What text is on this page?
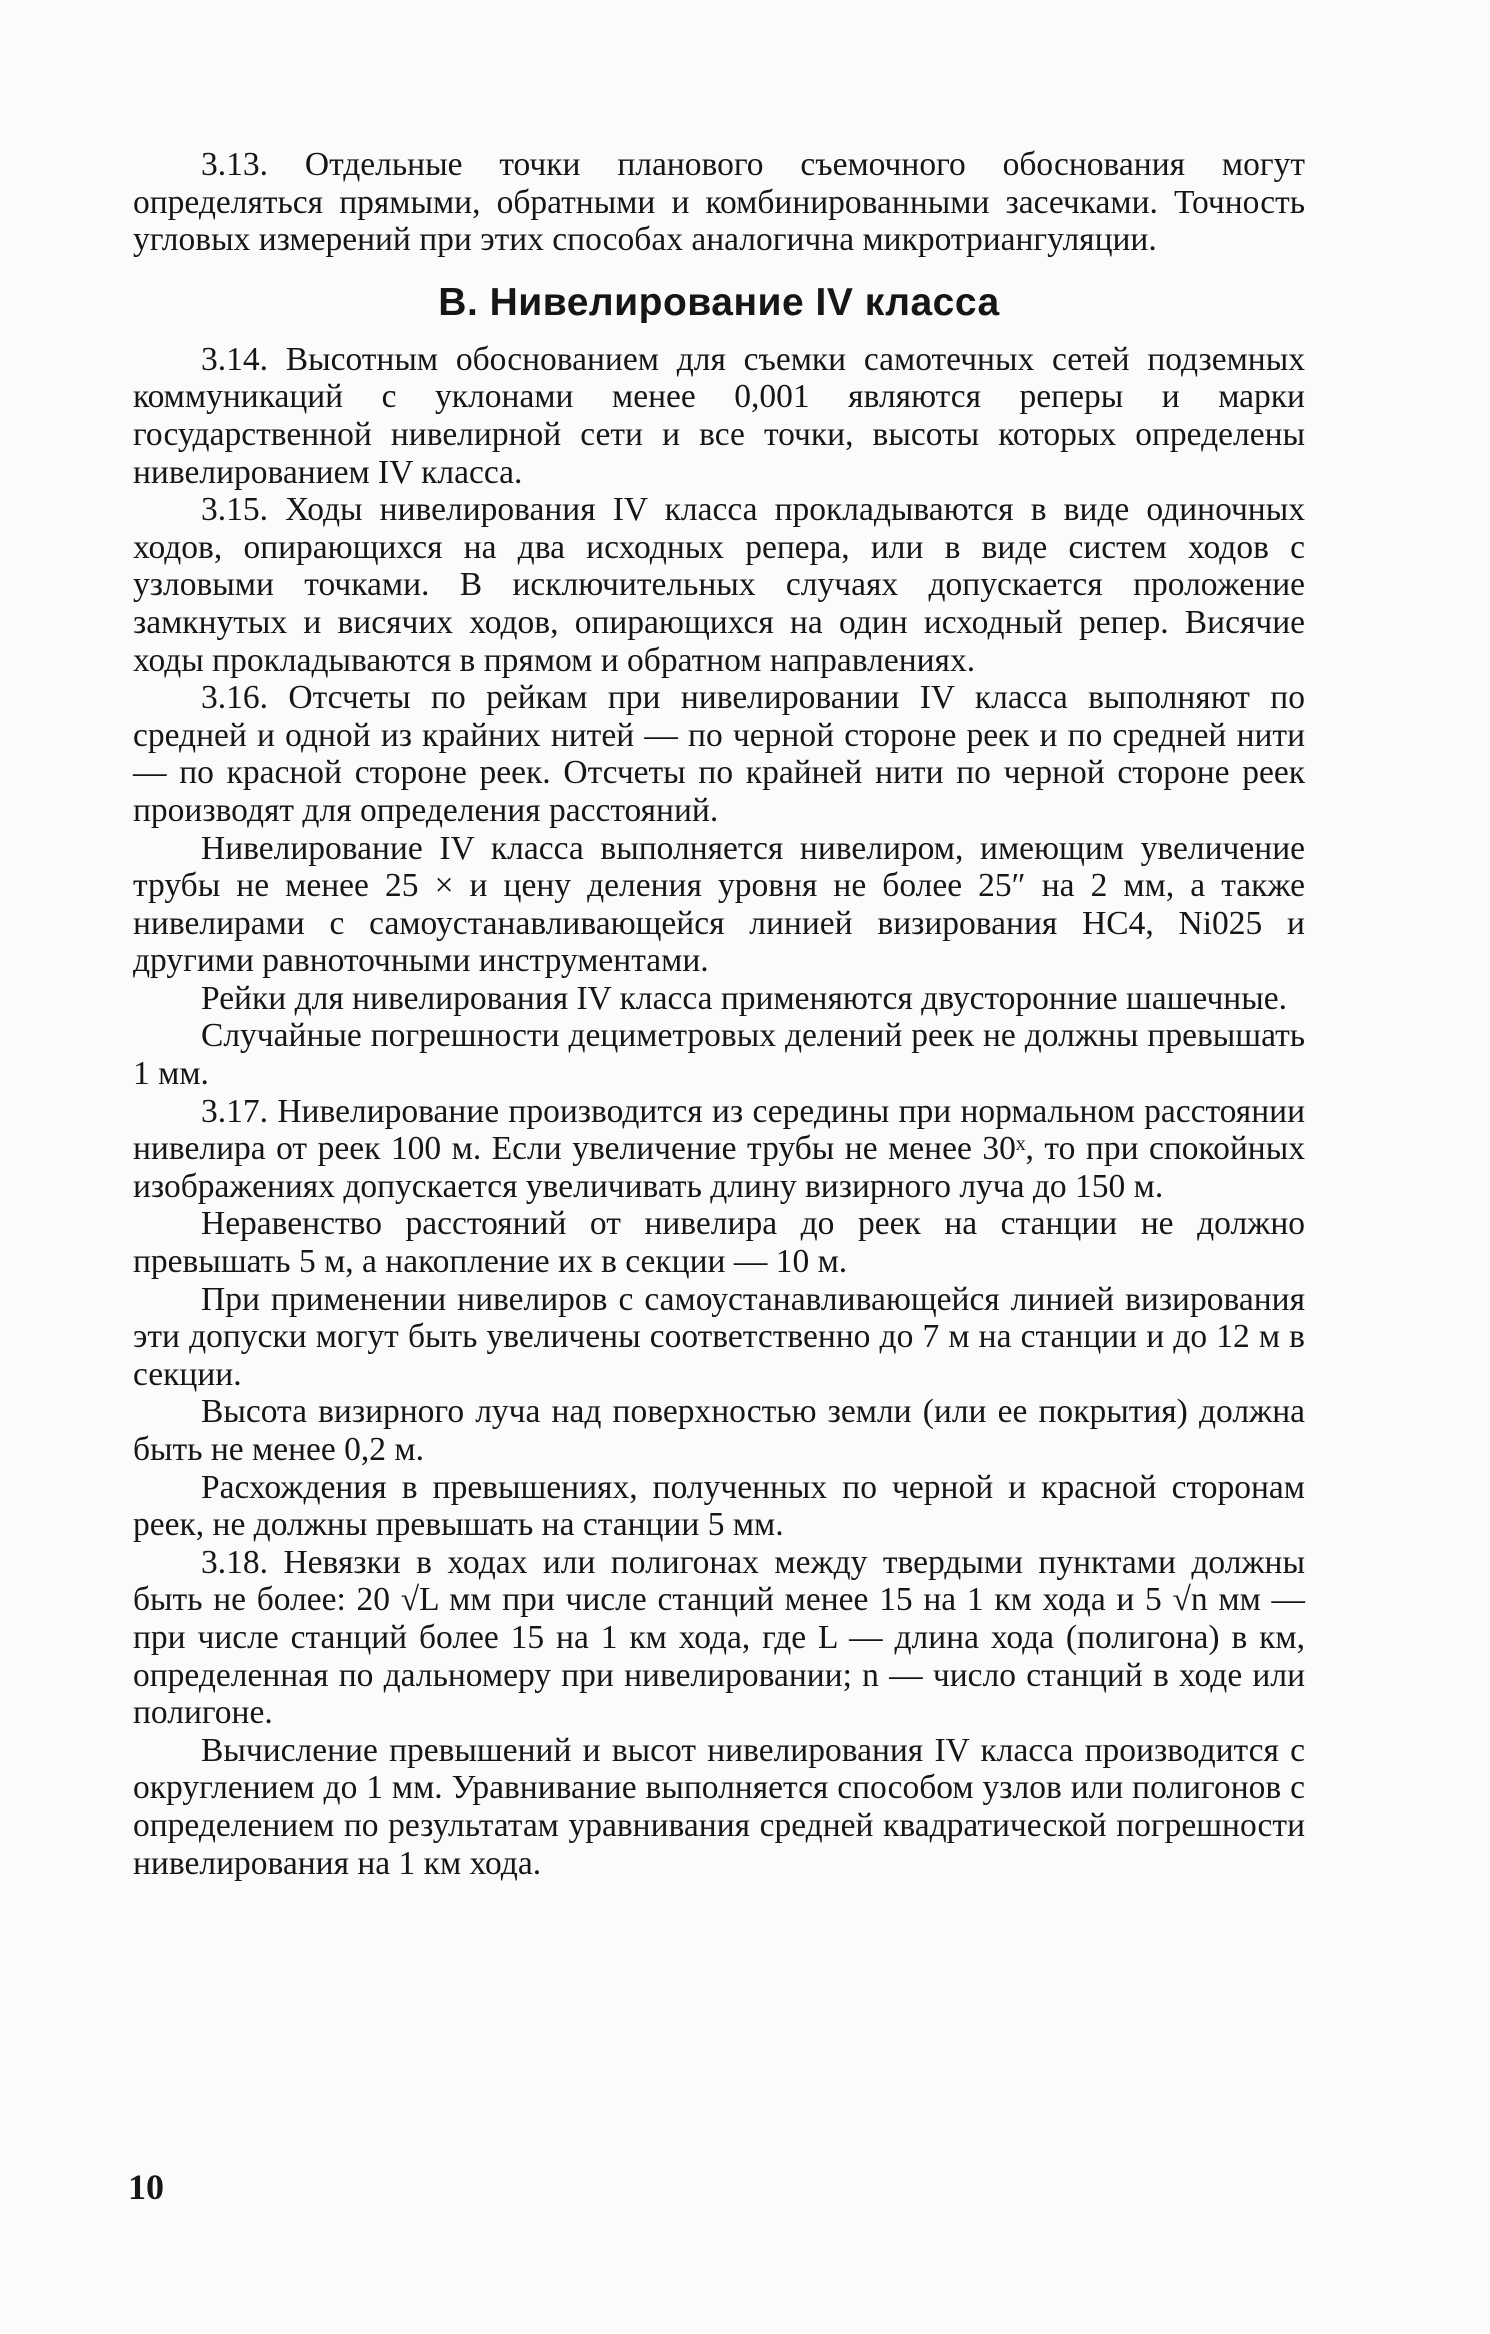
3.13. Отдельные точки планового съемочного обоснования могут определяться прямыми, обратными и комбинированными засечками. Точность угловых измерений при этих способах аналогична микротриангуляции.

В. Нивелирование IV класса

3.14. Высотным обоснованием для съемки самотечных сетей подземных коммуникаций с уклонами менее 0,001 являются реперы и марки государственной нивелирной сети и все точки, высоты которых определены нивелированием IV класса.

3.15. Ходы нивелирования IV класса прокладываются в виде одиночных ходов, опирающихся на два исходных репера, или в виде систем ходов с узловыми точками. В исключительных случаях допускается проложение замкнутых и висячих ходов, опирающихся на один исходный репер. Висячие ходы прокладываются в прямом и обратном направлениях.

3.16. Отсчеты по рейкам при нивелировании IV класса выполняют по средней и одной из крайних нитей — по черной стороне реек и по средней нити — по красной стороне реек. Отсчеты по крайней нити по черной стороне реек производят для определения расстояний.

Нивелирование IV класса выполняется нивелиром, имеющим увеличение трубы не менее 25 × и цену деления уровня не более 25″ на 2 мм, а также нивелирами с самоустанавливающейся линией визирования НС4, Ni025 и другими равноточными инструментами.

Рейки для нивелирования IV класса применяются двусторонние шашечные.

Случайные погрешности дециметровых делений реек не должны превышать 1 мм.

3.17. Нивелирование производится из середины при нормальном расстоянии нивелира от реек 100 м. Если увеличение трубы не менее 30ˣ, то при спокойных изображениях допускается увеличивать длину визирного луча до 150 м.

Неравенство расстояний от нивелира до реек на станции не должно превышать 5 м, а накопление их в секции — 10 м.

При применении нивелиров с самоустанавливающейся линией визирования эти допуски могут быть увеличены соответственно до 7 м на станции и до 12 м в секции.

Высота визирного луча над поверхностью земли (или ее покрытия) должна быть не менее 0,2 м.

Расхождения в превышениях, полученных по черной и красной сторонам реек, не должны превышать на станции 5 мм.

3.18. Невязки в ходах или полигонах между твердыми пунктами должны быть не более: 20 √L мм при числе станций менее 15 на 1 км хода и 5 √n мм — при числе станций более 15 на 1 км хода, где L — длина хода (полигона) в км, определенная по дальномеру при нивелировании; n — число станций в ходе или полигоне.

Вычисление превышений и высот нивелирования IV класса производится с округлением до 1 мм. Уравнивание выполняется способом узлов или полигонов с определением по результатам уравнивания средней квадратической погрешности нивелирования на 1 км хода.

10
